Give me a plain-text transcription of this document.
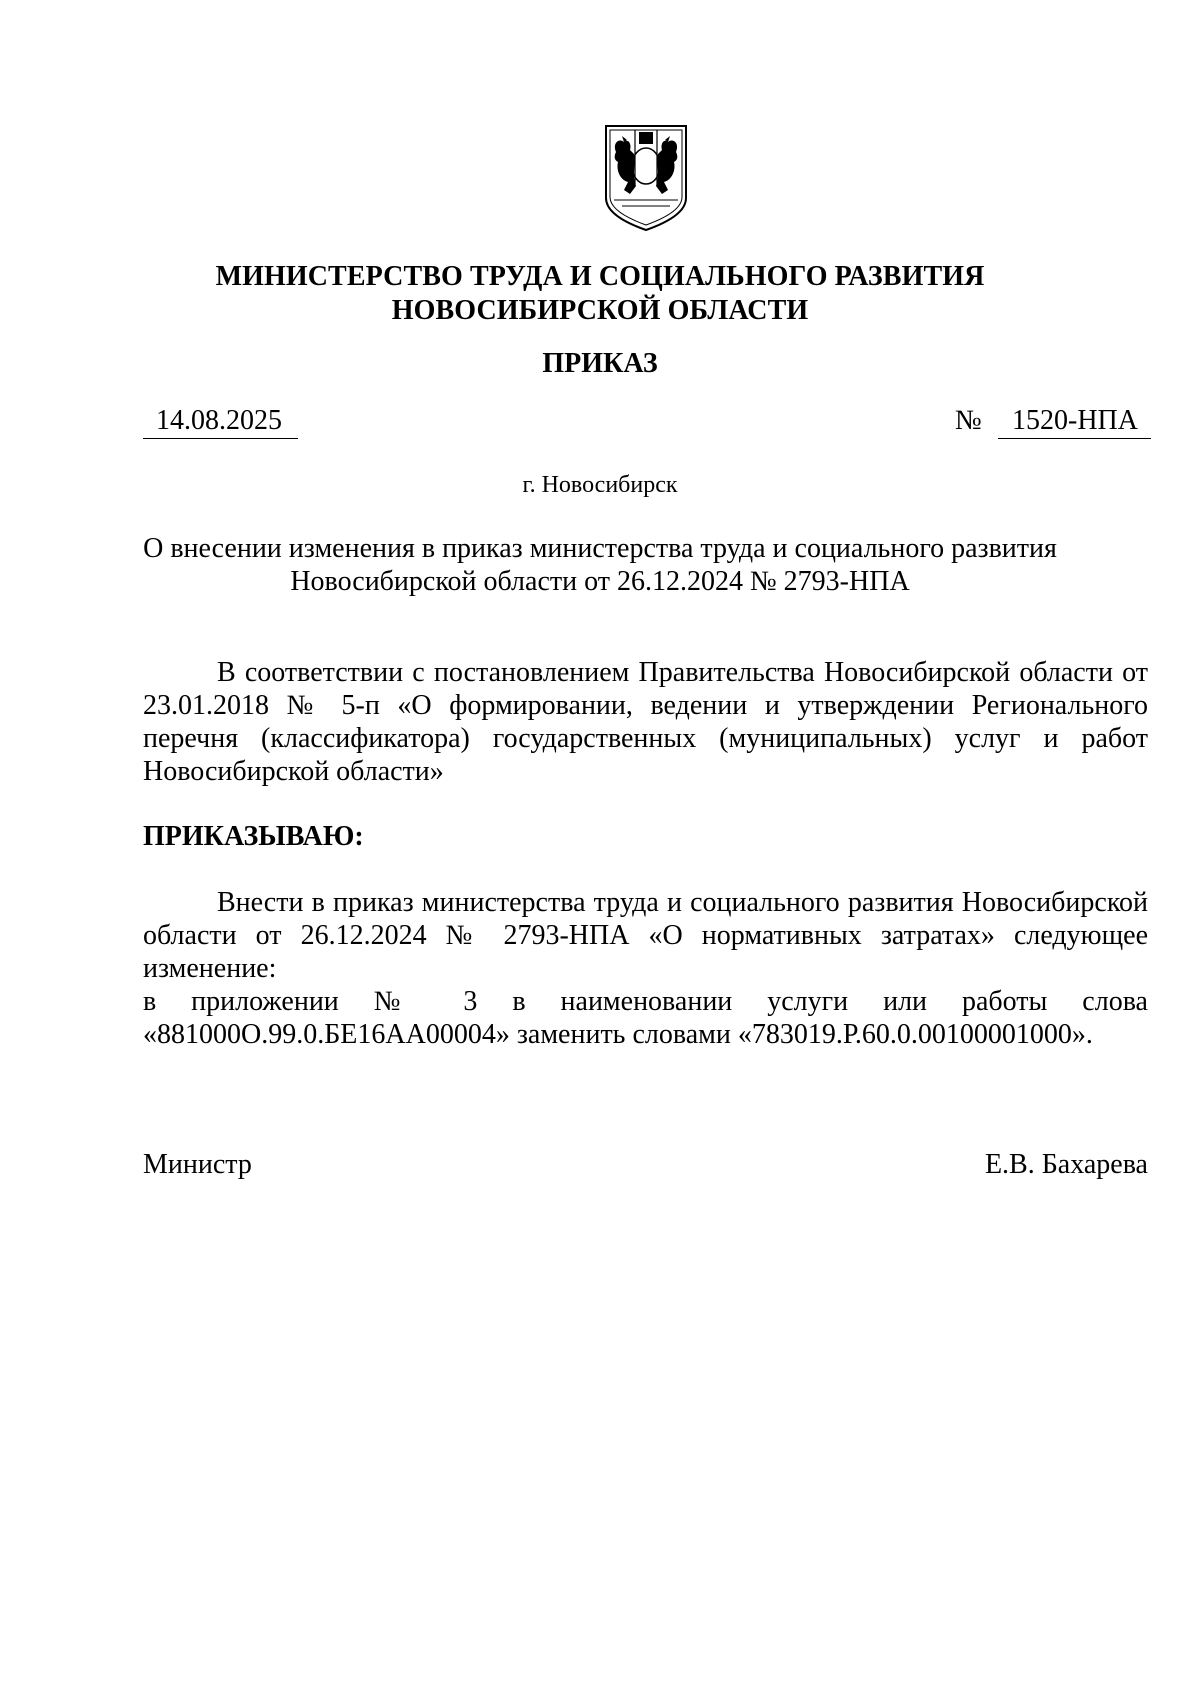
МИНИСТЕРСТВО ТРУДА И СОЦИАЛЬНОГО РАЗВИТИЯ
НОВОСИБИРСКОЙ ОБЛАСТИ
ПРИКАЗ
14.08.2025	№	1520-НПА
г. Новосибирск
О внесении изменения в приказ министерства труда и социального развития
Новосибирской области от 26.12.2024 № 2793-НПА
В соответствии с постановлением Правительства Новосибирской области от 23.01.2018 № 5-п «О формировании, ведении и утверждении Регионального перечня (классификатора) государственных (муниципальных) услуг и работ Новосибирской области»
ПРИКАЗЫВАЮ:
Внести в приказ министерства труда и социального развития Новосибирской области от 26.12.2024 № 2793-НПА «О нормативных затратах» следующее изменение:
в приложении № 3 в наименовании услуги или работы слова «881000О.99.0.БЕ16АА00004» заменить словами «783019.Р.60.0.00100001000».
Министр	Е.В. Бахарева
